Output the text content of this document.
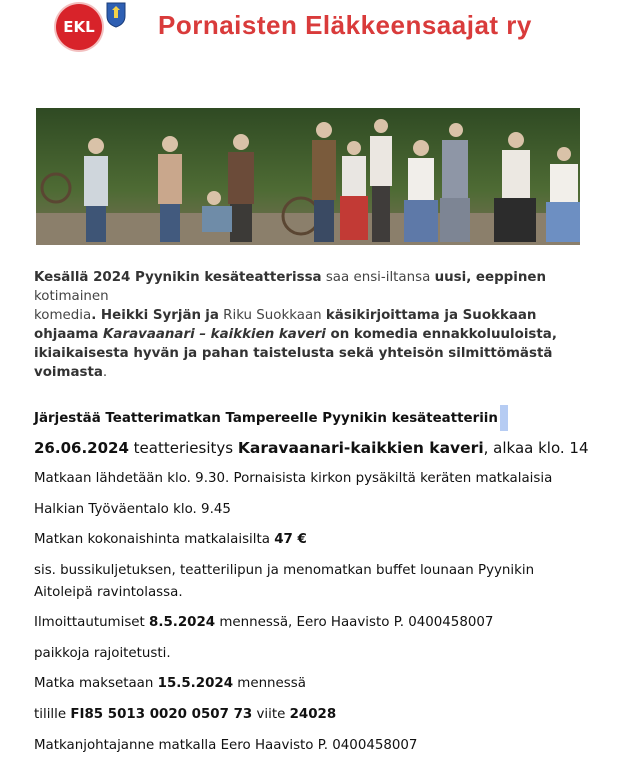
EKL Pornaisten Eläkkeensaajat ry
Kesällä 2024 Pyynikin kesäteatterissa saa ensi-iltansa uusi, eeppinen kotimainen
komedia. Heikki Syrjän ja Riku Suokkaan käsikirjoittama ja Suokkaan
ohjaama Karavaanari – kaikkien kaveri on komedia ennakkoluuloista,
ikiaikaisesta hyvän ja pahan taistelusta sekä yhteisön silmittömästä
voimasta.
Järjestää Teatterimatkan Tampereelle Pyynikin kesäteatteriin
26.06.2024 teatteriesitys Karavaanari-kaikkien kaveri, alkaa klo. 14
Matkaan lähdetään klo. 9.30. Pornaisista kirkon pysäkiltä keräten matkalaisia
Halkian Työväentalo klo. 9.45
Matkan kokonaishinta matkalaisilta 47 €
sis. bussikuljetuksen, teatterilipun ja menomatkan buffet lounaan Pyynikin
Aitoleipä ravintolassa.
Ilmoittautumiset 8.5.2024 mennessä, Eero Haavisto P. 0400458007
paikkoja rajoitetusti.
Matka maksetaan 15.5.2024 mennessä
tilille FI85 5013 0020 0507 73 viite 24028
Matkanjohtajanne matkalla Eero Haavisto P. 0400458007
